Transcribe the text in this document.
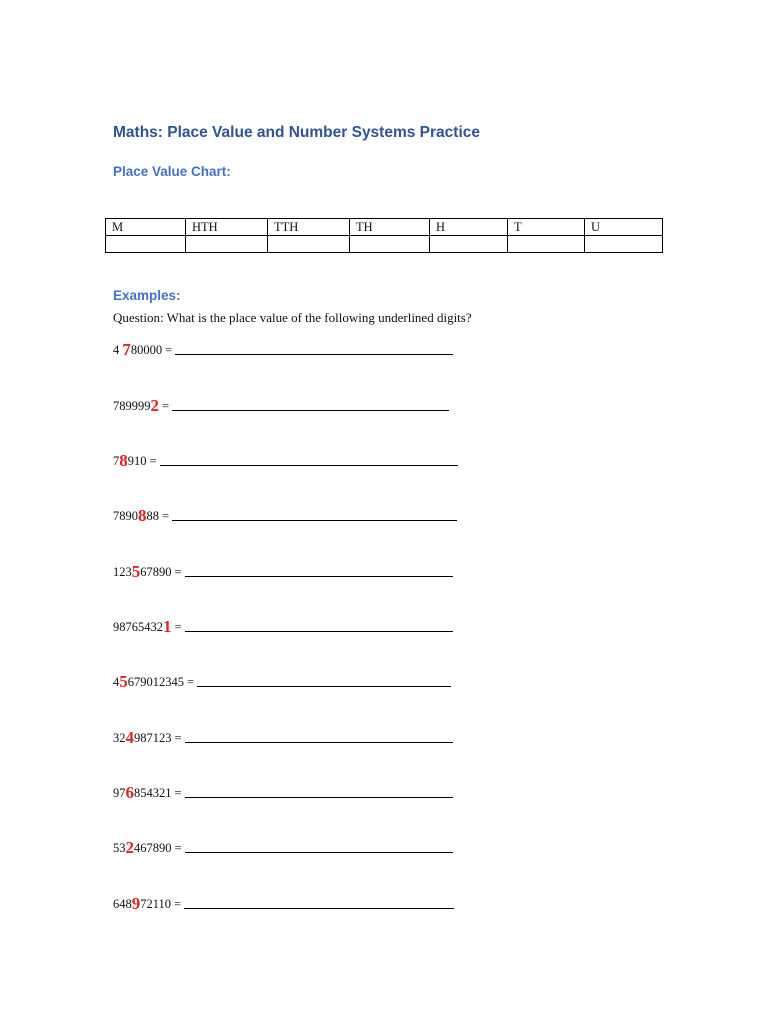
Maths: Place Value and Number Systems Practice
Place Value Chart:
M	HTH	TTH	TH	H	T	U

Examples:
Question: What is the place value of the following underlined digits?
4 7 80000 =
789999 2 =
7 8 910 =
7890 8 88 =
123 5 67890 =
98765432 1 =
4 5 679012345 =
32 4 987123 =
97 6 854321 =
53 2 467890 =
648 9 72110 =
